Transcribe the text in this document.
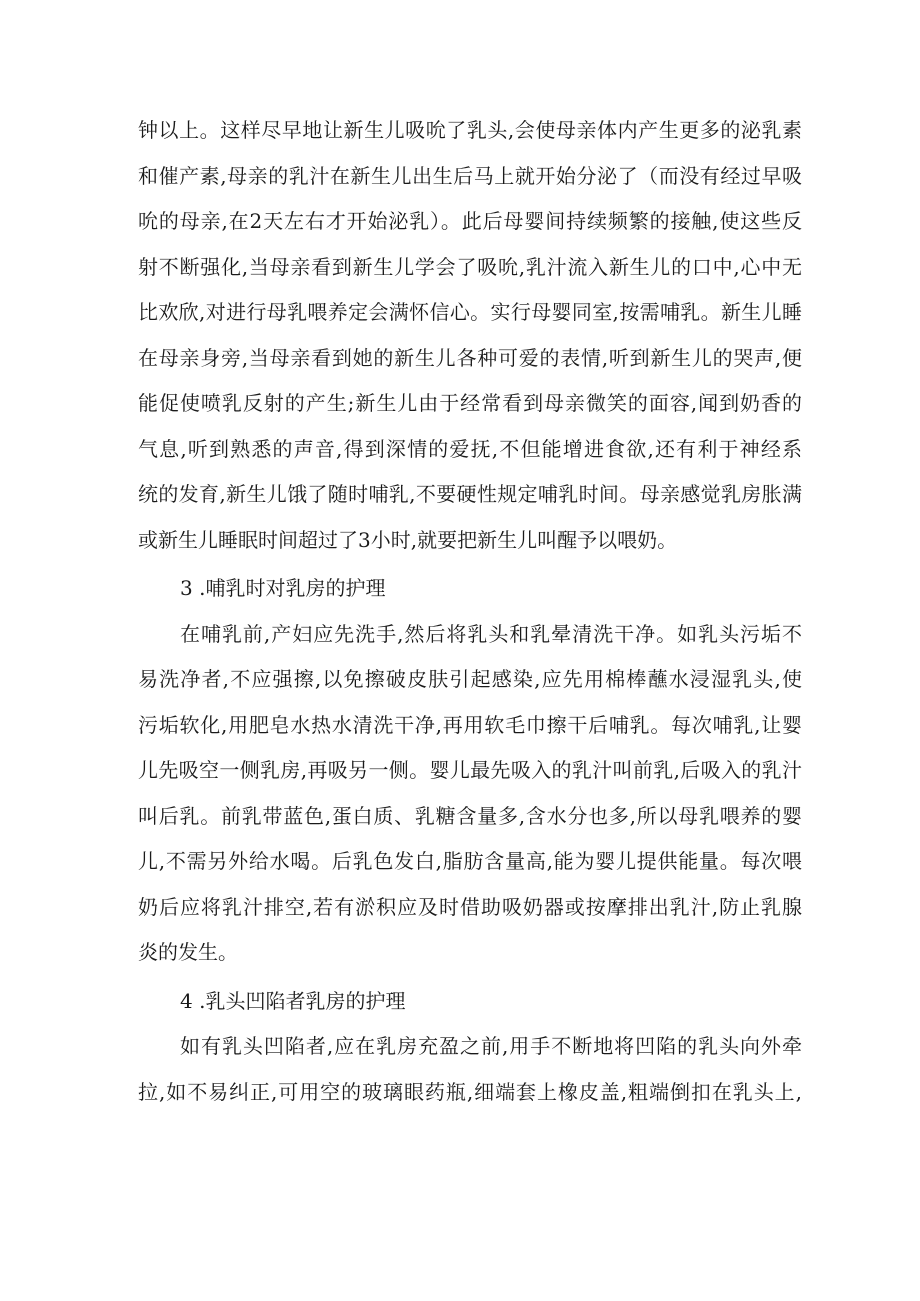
钟以上。这样尽早地让新生儿吸吮了乳头,会使母亲体内产生更多的泌乳素
和催产素,母亲的乳汁在新生儿出生后马上就开始分泌了（而没有经过早吸
吮的母亲,在2天左右才开始泌乳）。此后母婴间持续频繁的接触,使这些反
射不断强化,当母亲看到新生儿学会了吸吮,乳汁流入新生儿的口中,心中无
比欢欣,对进行母乳喂养定会满怀信心。实行母婴同室,按需哺乳。新生儿睡
在母亲身旁,当母亲看到她的新生儿各种可爱的表情,听到新生儿的哭声,便
能促使喷乳反射的产生;新生儿由于经常看到母亲微笑的面容,闻到奶香的
气息,听到熟悉的声音,得到深情的爱抚,不但能增进食欲,还有利于神经系
统的发育,新生儿饿了随时哺乳,不要硬性规定哺乳时间。母亲感觉乳房胀满
或新生儿睡眠时间超过了3小时,就要把新生儿叫醒予以喂奶。
3 .哺乳时对乳房的护理
在哺乳前,产妇应先洗手,然后将乳头和乳晕清洗干净。如乳头污垢不
易洗净者,不应强擦,以免擦破皮肤引起感染,应先用棉棒蘸水浸湿乳头,使
污垢软化,用肥皂水热水清洗干净,再用软毛巾擦干后哺乳。每次哺乳,让婴
儿先吸空一侧乳房,再吸另一侧。婴儿最先吸入的乳汁叫前乳,后吸入的乳汁
叫后乳。前乳带蓝色,蛋白质、乳糖含量多,含水分也多,所以母乳喂养的婴
儿,不需另外给水喝。后乳色发白,脂肪含量高,能为婴儿提供能量。每次喂
奶后应将乳汁排空,若有淤积应及时借助吸奶器或按摩排出乳汁,防止乳腺
炎的发生。
4 .乳头凹陷者乳房的护理
如有乳头凹陷者,应在乳房充盈之前,用手不断地将凹陷的乳头向外牵
拉,如不易纠正,可用空的玻璃眼药瓶,细端套上橡皮盖,粗端倒扣在乳头上,
